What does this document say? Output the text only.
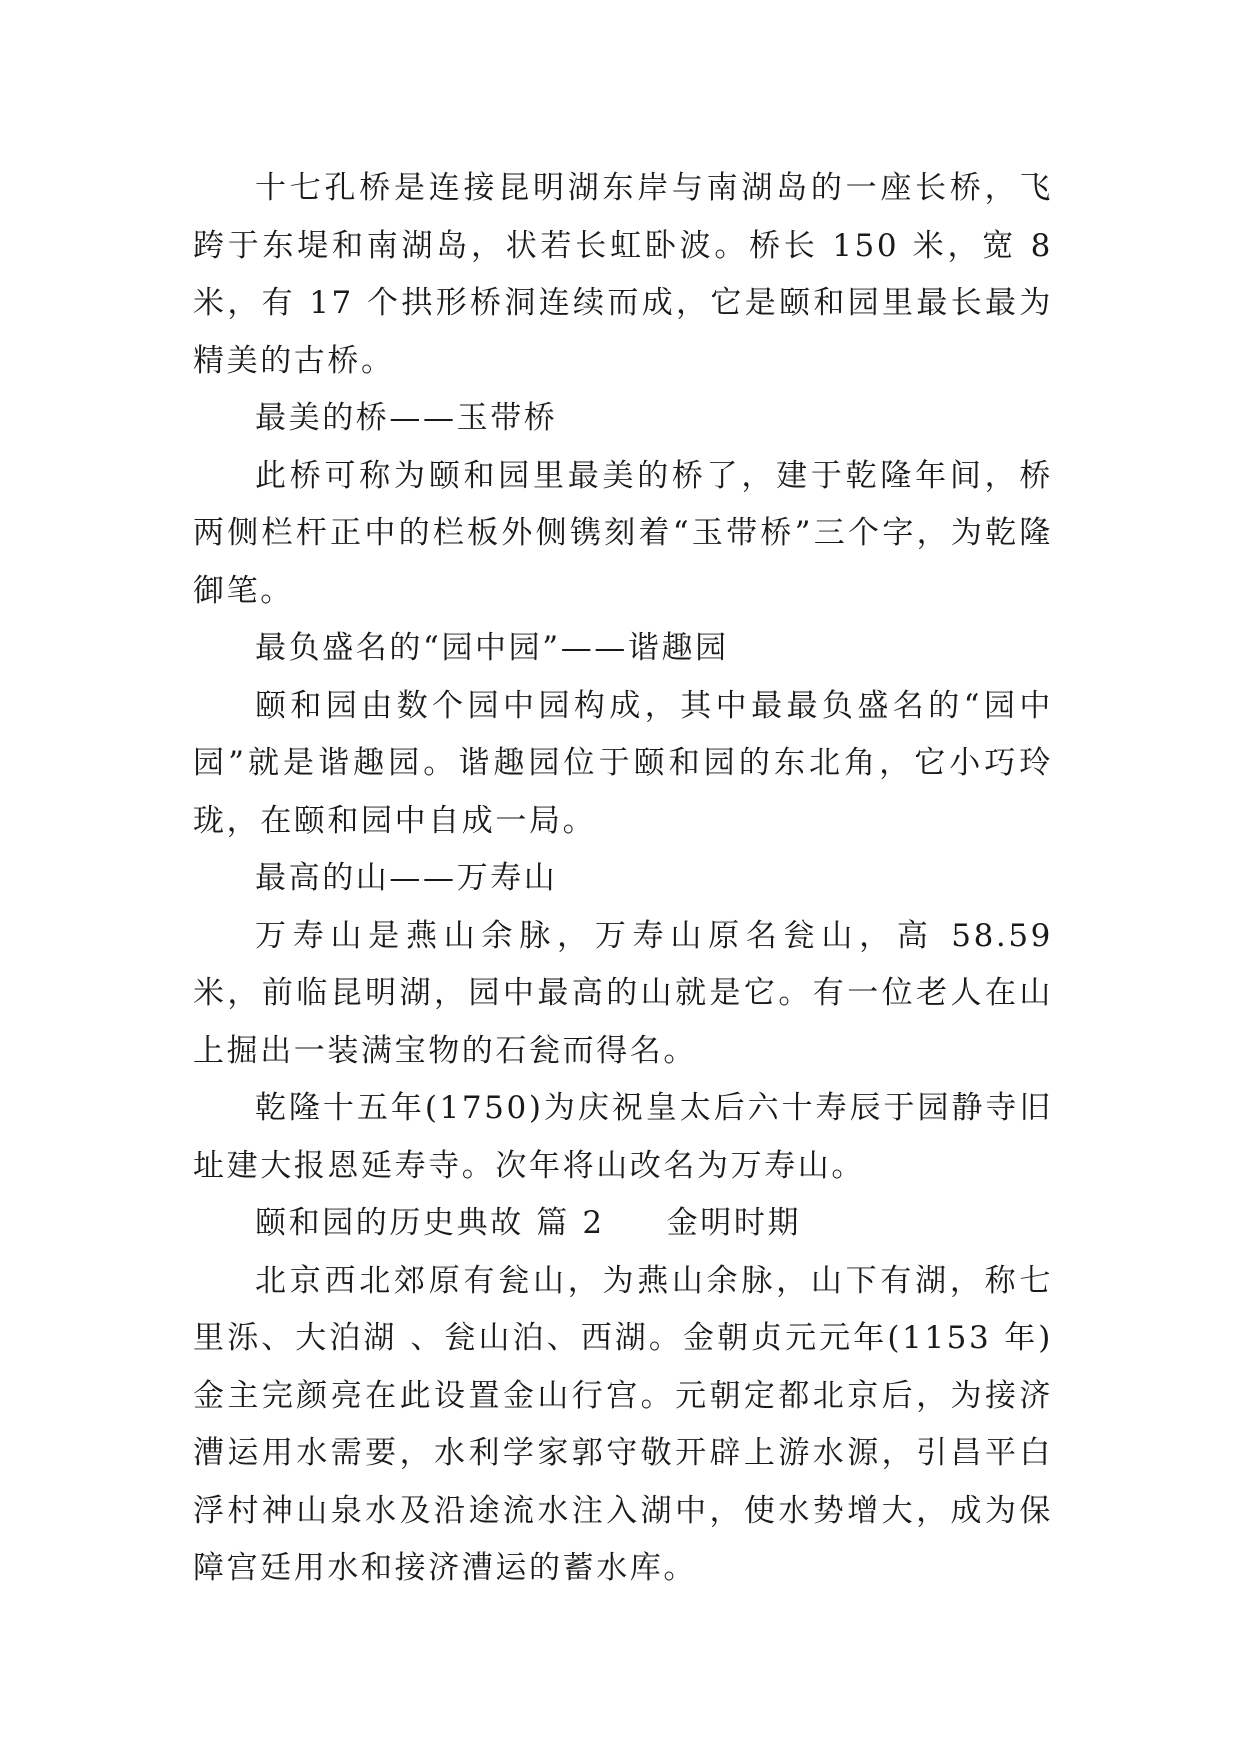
十七孔桥是连接昆明湖东岸与南湖岛的一座长桥，飞跨于东堤和南湖岛，状若长虹卧波。桥长 150 米，宽 8 米，有 17 个拱形桥洞连续而成，它是颐和园里最长最为精美的古桥。

最美的桥——玉带桥

此桥可称为颐和园里最美的桥了，建于乾隆年间，桥两侧栏杆正中的栏板外侧镌刻着“玉带桥”三个字，为乾隆御笔。

最负盛名的“园中园”——谐趣园

颐和园由数个园中园构成，其中最最负盛名的“园中园”就是谐趣园。谐趣园位于颐和园的东北角，它小巧玲珑，在颐和园中自成一局。

最高的山——万寿山

万寿山是燕山余脉，万寿山原名瓮山，高 58.59 米，前临昆明湖，园中最高的山就是它。有一位老人在山上掘出一装满宝物的石瓮而得名。

乾隆十五年(1750)为庆祝皇太后六十寿辰于园静寺旧址建大报恩延寿寺。次年将山改名为万寿山。

颐和园的历史典故 篇 2 金明时期

北京西北郊原有瓮山，为燕山余脉，山下有湖，称七里泺、大泊湖 、瓮山泊、西湖。金朝贞元元年(1153 年)金主完颜亮在此设置金山行宫。元朝定都北京后，为接济漕运用水需要，水利学家郭守敬开辟上游水源，引昌平白浮村神山泉水及沿途流水注入湖中，使水势增大，成为保障宫廷用水和接济漕运的蓄水库。
